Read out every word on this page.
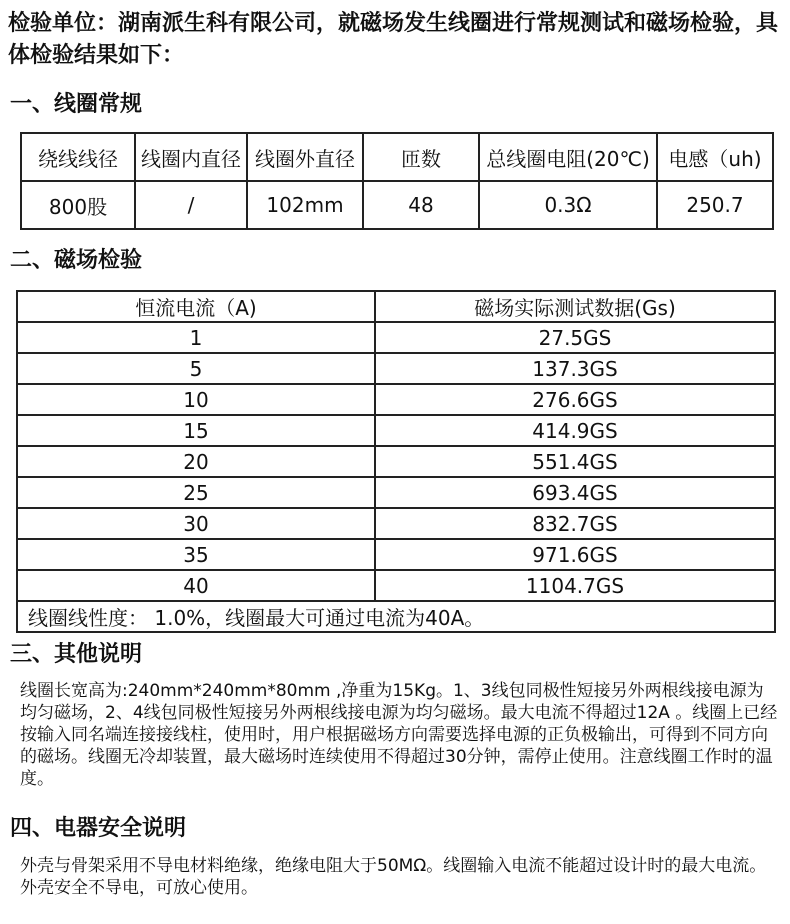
检验单位：湖南派生科有限公司，就磁场发生线圈进行常规测试和磁场检验，具体检验结果如下：
一、线圈常规
绕线线径	线圈内直径	线圈外直径	匝数	总线圈电阻(20℃)	电感（uh)
800股	/	102mm	48	0.3Ω	250.7
二、磁场检验
恒流电流（A)	磁场实际测试数据(Gs)
1	27.5GS
5	137.3GS
10	276.6GS
15	414.9GS
20	551.4GS
25	693.4GS
30	832.7GS
35	971.6GS
40	1104.7GS
线圈线性度： 1.0%，线圈最大可通过电流为40A。	
三、其他说明
线圈长宽高为:240mm*240mm*80mm ,净重为15Kg。1、3线包同极性短接另外两根线接电源为均匀磁场，2、4线包同极性短接另外两根线接电源为均匀磁场。最大电流不得超过12A 。线圈上已经按输入同名端连接接线柱，使用时，用户根据磁场方向需要选择电源的正负极输出，可得到不同方向的磁场。线圈无冷却装置，最大磁场时连续使用不得超过30分钟，需停止使用。注意线圈工作时的温度。
四、电器安全说明
外壳与骨架采用不导电材料绝缘，绝缘电阻大于50MΩ。线圈输入电流不能超过设计时的最大电流。外壳安全不导电，可放心使用。
